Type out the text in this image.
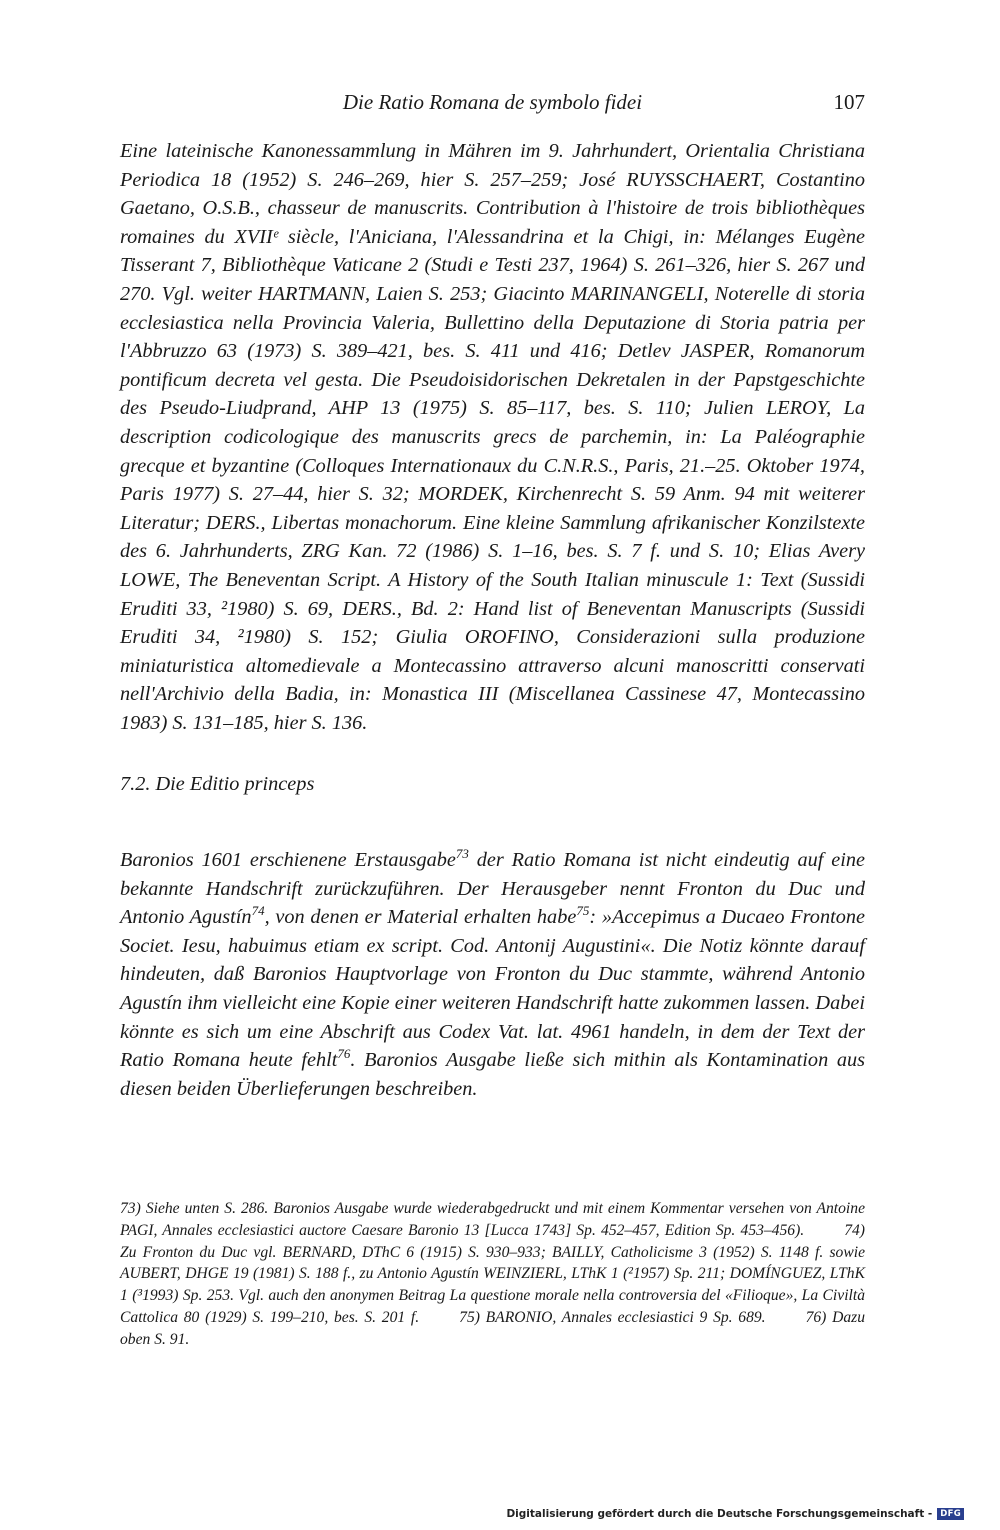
Die Ratio Romana de symbolo fidei	107

Eine lateinische Kanonessammlung in Mähren im 9. Jahrhundert, Orientalia Christiana Periodica 18 (1952) S. 246–269, hier S. 257–259; José RUYSSCHAERT, Costantino Gaetano, O.S.B., chasseur de manuscrits. Contribution à l'histoire de trois bibliothèques romaines du XVIIᵉ siècle, l'Aniciana, l'Alessandrina et la Chigi, in: Mélanges Eugène Tisserant 7, Bibliothèque Vaticane 2 (Studi e Testi 237, 1964) S. 261–326, hier S. 267 und 270. Vgl. weiter HARTMANN, Laien S. 253; Giacinto MARINANGELI, Noterelle di storia ecclesiastica nella Provincia Valeria, Bullettino della Deputazione di Storia patria per l'Abbruzzo 63 (1973) S. 389–421, bes. S. 411 und 416; Detlev JASPER, Romanorum pontificum decreta vel gesta. Die Pseudoisidorischen Dekretalen in der Papstgeschichte des Pseudo-Liudprand, AHP 13 (1975) S. 85–117, bes. S. 110; Julien LEROY, La description codicologique des manuscrits grecs de parchemin, in: La Paléographie grecque et byzantine (Colloques Internationaux du C.N.R.S., Paris, 21.–25. Oktober 1974, Paris 1977) S. 27–44, hier S. 32; MORDEK, Kirchenrecht S. 59 Anm. 94 mit weiterer Literatur; DERS., Libertas monachorum. Eine kleine Sammlung afrikanischer Konzilstexte des 6. Jahrhunderts, ZRG Kan. 72 (1986) S. 1–16, bes. S. 7 f. und S. 10; Elias Avery LOWE, The Beneventan Script. A History of the South Italian minuscule 1: Text (Sussidi Eruditi 33, ²1980) S. 69, DERS., Bd. 2: Hand list of Beneventan Manuscripts (Sussidi Eruditi 34, ²1980) S. 152; Giulia OROFINO, Considerazioni sulla produzione miniaturistica altomedievale a Montecassino attraverso alcuni manoscritti conservati nell'Archivio della Badia, in: Monastica III (Miscellanea Cassinese 47, Montecassino 1983) S. 131–185, hier S. 136.

7.2. Die Editio princeps

Baronios 1601 erschienene Erstausgabe$^{73}$ der Ratio Romana ist nicht eindeutig auf eine bekannte Handschrift zurückzuführen. Der Herausgeber nennt Fronton du Duc und Antonio Agustín$^{74}$, von denen er Material erhalten habe$^{75}$: »Accepimus a Ducaeo Frontone Societ. Iesu, habuimus etiam ex script. Cod. Antonij Augustini«. Die Notiz könnte darauf hindeuten, daß Baronios Hauptvorlage von Fronton du Duc stammte, während Antonio Agustín ihm vielleicht eine Kopie einer weiteren Handschrift hatte zukommen lassen. Dabei könnte es sich um eine Abschrift aus Codex Vat. lat. 4961 handeln, in dem der Text der Ratio Romana heute fehlt$^{76}$. Baronios Ausgabe ließe sich mithin als Kontamination aus diesen beiden Überlieferungen beschreiben.

73) Siehe unten S. 286. Baronios Ausgabe wurde wiederabgedruckt und mit einem Kommentar versehen von Antoine PAGI, Annales ecclesiastici auctore Caesare Baronio 13 [Lucca 1743] Sp. 452–457, Edition Sp. 453–456).	74) Zu Fronton du Duc vgl. BERNARD, DThC 6 (1915) S. 930–933; BAILLY, Catholicisme 3 (1952) S. 1148 f. sowie AUBERT, DHGE 19 (1981) S. 188 f., zu Antonio Agustín WEINZIERL, LThK 1 (²1957) Sp. 211; DOMÍNGUEZ, LThK 1 (³1993) Sp. 253. Vgl. auch den anonymen Beitrag La questione morale nella controversia del «Filioque», La Civiltà Cattolica 80 (1929) S. 199–210, bes. S. 201 f.	75) BARONIO, Annales ecclesiastici 9 Sp. 689.	76) Dazu oben S. 91.

Digitalisierung gefördert durch die Deutsche Forschungsgemeinschaft - DFG
